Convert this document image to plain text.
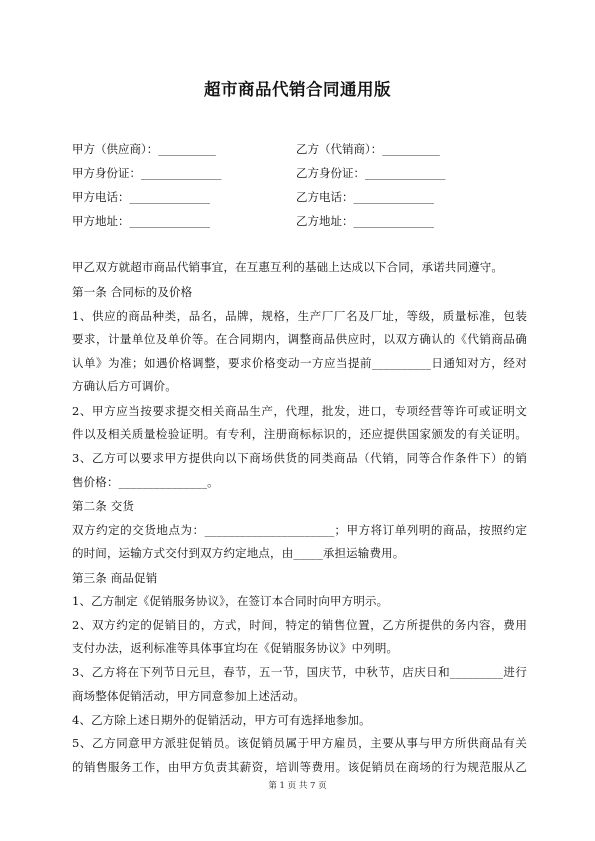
超市商品代销合同通用版
甲方（供应商）：__________	乙方（代销商）：__________
甲方身份证：______________	乙方身份证：______________
甲方电话：______________	乙方电话：______________
甲方地址：______________	乙方地址：______________
甲乙双方就超市商品代销事宜，在互惠互利的基础上达成以下合同，承诺共同遵守。
第一条 合同标的及价格
1、供应的商品种类，品名，品牌，规格，生产厂厂名及厂址，等级，质量标准，包装
要求，计量单位及单价等。在合同期内，调整商品供应时，以双方确认的《代销商品确
认单》为准；如遇价格调整，要求价格变动一方应当提前__________日通知对方，经对
方确认后方可调价。
2、甲方应当按要求提交相关商品生产，代理，批发，进口，专项经营等许可或证明文
件以及相关质量检验证明。有专利，注册商标标识的，还应提供国家颁发的有关证明。
3、乙方可以要求甲方提供向以下商场供货的同类商品（代销，同等合作条件下）的销
售价格：_______________。
第二条 交货
双方约定的交货地点为：______________________；甲方将订单列明的商品，按照约定
的时间，运输方式交付到双方约定地点，由_____承担运输费用。
第三条 商品促销
1、乙方制定《促销服务协议》，在签订本合同时向甲方明示。
2、双方约定的促销目的，方式，时间，特定的销售位置，乙方所提供的务内容，费用
支付办法，返利标准等具体事宜均在《促销服务协议》中列明。
3、乙方将在下列节日元旦，春节，五一节，国庆节，中秋节，店庆日和_________进行
商场整体促销活动，甲方同意参加上述活动。
4、乙方除上述日期外的促销活动，甲方可有选择地参加。
5、乙方同意甲方派驻促销员。该促销员属于甲方雇员，主要从事与甲方所供商品有关
的销售服务工作，由甲方负责其薪资，培训等费用。该促销员在商场的行为规范服从乙
第 1 页 共 7 页
